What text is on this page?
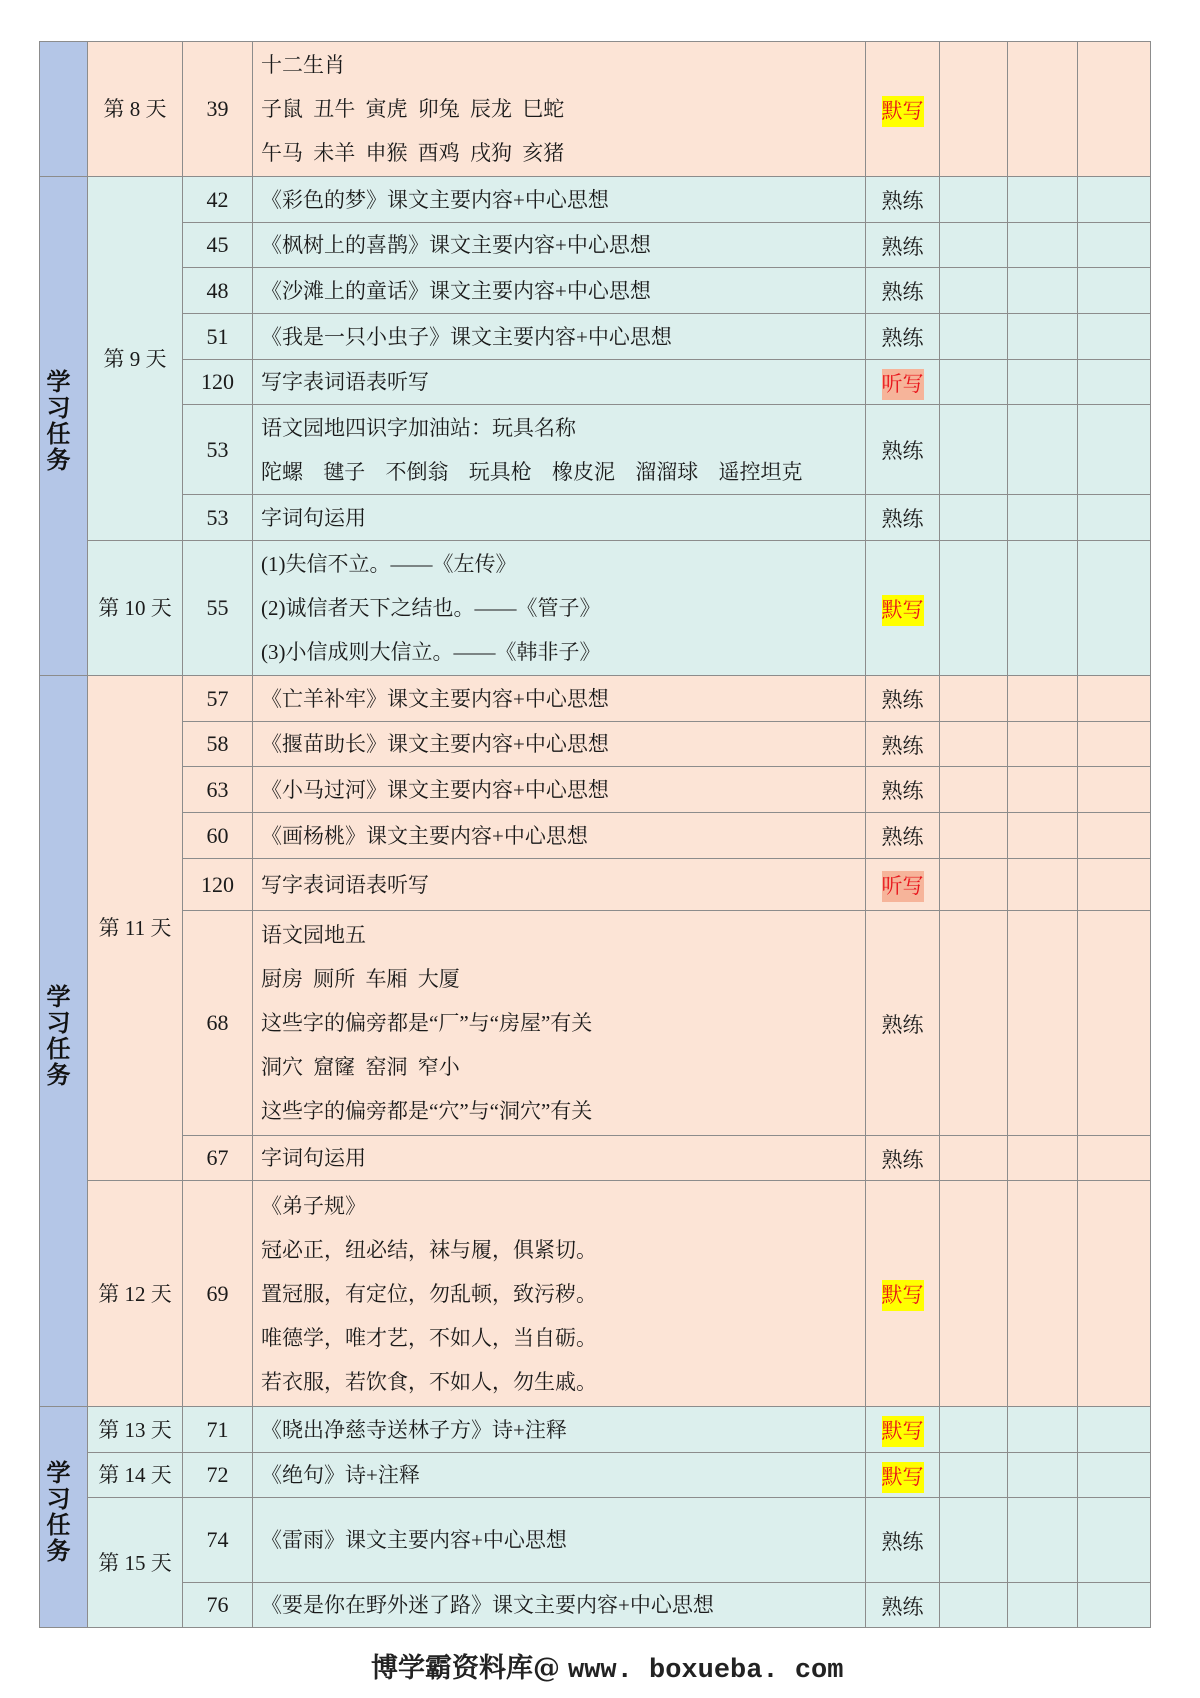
	第 8 天	39	十二生肖
子鼠 丑牛 寅虎 卯兔 辰龙 巳蛇
午马 未羊 申猴 酉鸡 戌狗 亥猪	默写			
学习任务	第 9 天	42	《彩色的梦》课文主要内容+中心思想	熟练			
		45	《枫树上的喜鹊》课文主要内容+中心思想	熟练			
		48	《沙滩上的童话》课文主要内容+中心思想	熟练			
		51	《我是一只小虫子》课文主要内容+中心思想	熟练			
		120	写字表词语表听写	听写			
		53	语文园地四识字加油站：玩具名称
陀螺 毽子 不倒翁 玩具枪 橡皮泥 溜溜球 遥控坦克	熟练			
		53	字词句运用	熟练			
	第 10 天	55	(1)失信不立。——《左传》
(2)诚信者天下之结也。——《管子》
(3)小信成则大信立。——《韩非子》	默写			
学习任务	第 11 天	57	《亡羊补牢》课文主要内容+中心思想	熟练			
		58	《揠苗助长》课文主要内容+中心思想	熟练			
		63	《小马过河》课文主要内容+中心思想	熟练			
		60	《画杨桃》课文主要内容+中心思想	熟练			
		120	写字表词语表听写	听写			
		68	语文园地五
厨房 厕所 车厢 大厦
这些字的偏旁都是“厂”与“房屋”有关
洞穴 窟窿 窑洞 窄小
这些字的偏旁都是“穴”与“洞穴”有关	熟练			
		67	字词句运用	熟练			
	第 12 天	69	《弟子规》
冠必正，纽必结，袜与履，俱紧切。
置冠服，有定位，勿乱顿，致污秽。
唯德学，唯才艺，不如人，当自砺。
若衣服，若饮食，不如人，勿生戚。	默写			
学习任务	第 13 天	71	《晓出净慈寺送林子方》诗+注释	默写			
	第 14 天	72	《绝句》诗+注释	默写			
	第 15 天	74	《雷雨》课文主要内容+中心思想	熟练			
		76	《要是你在野外迷了路》课文主要内容+中心思想	熟练			
博学霸资料库@ www. boxueba. com
